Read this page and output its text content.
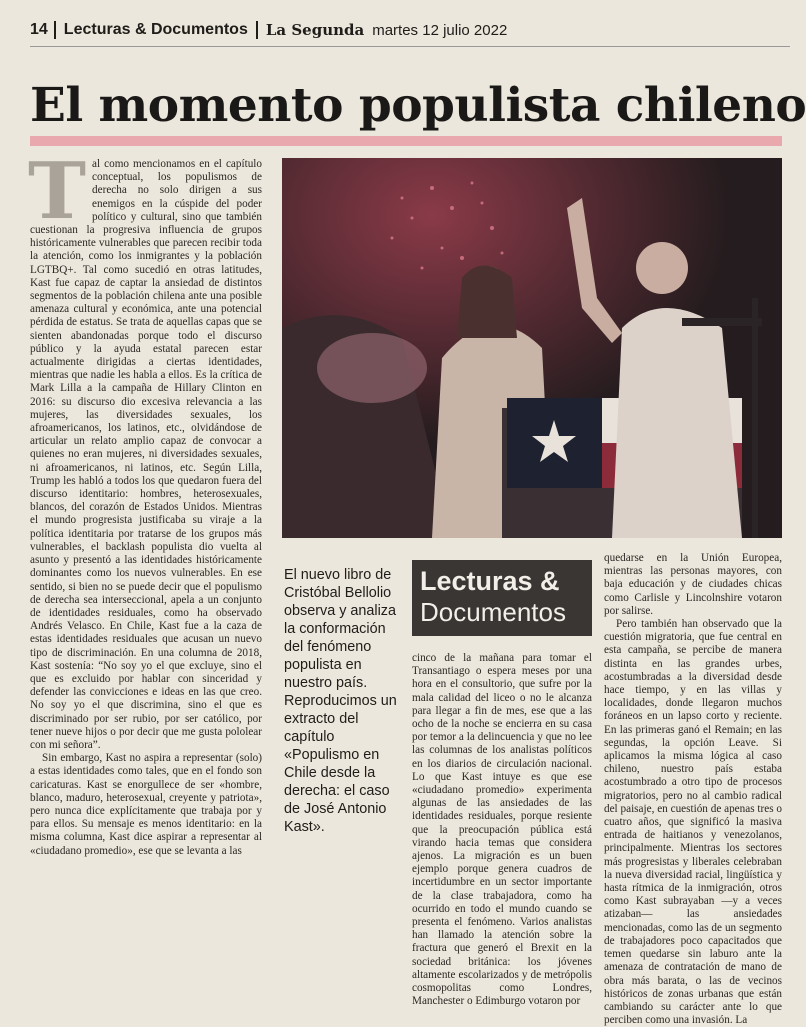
14	Lecturas & Documentos	La Segunda martes 12 julio 2022
El momento populista chileno
T al como mencionamos en el capítulo conceptual, los populismos de derecha no solo dirigen a sus enemigos en la cúspide del poder político y cultural, sino que también cuestionan la progresiva influencia de grupos históricamente vulnerables que parecen recibir toda la atención, como los inmigrantes y la población LGTBQ+. Tal como sucedió en otras latitudes, Kast fue capaz de captar la ansiedad de distintos segmentos de la población chilena ante una posible amenaza cultural y económica, ante una potencial pérdida de estatus. Se trata de aquellas capas que se sienten abandonadas porque todo el discurso público y la ayuda estatal parecen estar actualmente dirigidas a ciertas identidades, mientras que nadie les habla a ellos. Es la crítica de Mark Lilla a la campaña de Hillary Clinton en 2016: su discurso dio excesiva relevancia a las mujeres, las diversidades sexuales, los afroamericanos, los latinos, etc., olvidándose de articular un relato amplio capaz de convocar a quienes no eran mujeres, ni diversidades sexuales, ni afroamericanos, ni latinos, etc. Según Lilla, Trump les habló a todos los que quedaron fuera del discurso identitario: hombres, heterosexuales, blancos, del corazón de Estados Unidos. Mientras el mundo progresista justificaba su viraje a la política identitaria por tratarse de los grupos más vulnerables, el backlash populista dio vuelta al asunto y presentó a las identidades históricamente dominantes como los nuevos vulnerables. En ese sentido, si bien no se puede decir que el populismo de derecha sea interseccional, apela a un conjunto de identidades residuales, como ha observado Andrés Velasco. En Chile, Kast fue a la caza de estas identidades residuales que acusan un nuevo tipo de discriminación. En una columna de 2018, Kast sostenía: “No soy yo el que excluye, sino el que es excluido por hablar con sinceridad y defender las convicciones e ideas en las que creo. No soy yo el que discrimina, sino el que es discriminado por ser rubio, por ser católico, por tener nueve hijos o por decir que me gusta pololear con mi señora”.

Sin embargo, Kast no aspira a representar (solo) a estas identidades como tales, que en el fondo son caricaturas. Kast se enorgullece de ser «hombre, blanco, maduro, heterosexual, creyente y patriota», pero nunca dice explícitamente que trabaja por y para ellos. Su mensaje es menos identitario: en la misma columna, Kast dice aspirar a representar al «ciudadano promedio», ese que se levanta a las

El nuevo libro de Cristóbal Bellolio observa y analiza la conformación del fenómeno populista en nuestro país. Reproducimos un extracto del capítulo «Populismo en Chile desde la derecha: el caso de José Antonio Kast».
Lecturas &
Documentos

cinco de la mañana para tomar el Transantiago o espera meses por una hora en el consultorio, que sufre por la mala calidad del liceo o no le alcanza para llegar a fin de mes, ese que a las ocho de la noche se encierra en su casa por temor a la delincuencia y que no lee las columnas de los analistas políticos en los diarios de circulación nacional. Lo que Kast intuye es que ese «ciudadano promedio» experimenta algunas de las ansiedades de las identidades residuales, porque resiente que la preocupación pública está virando hacia temas que considera ajenos. La migración es un buen ejemplo porque genera cuadros de incertidumbre en un sector importante de la clase trabajadora, como ha ocurrido en todo el mundo cuando se presenta el fenómeno. Varios analistas han llamado la atención sobre la fractura que generó el Brexit en la sociedad británica: los jóvenes altamente escolarizados y de metrópolis cosmopolitas como Londres, Manchester o Edimburgo votaron por

quedarse en la Unión Europea, mientras las personas mayores, con baja educación y de ciudades chicas como Carlisle y Lincolnshire votaron por salirse.

Pero también han observado que la cuestión migratoria, que fue central en esta campaña, se percibe de manera distinta en las grandes urbes, acostumbradas a la diversidad desde hace tiempo, y en las villas y localidades, donde llegaron muchos foráneos en un lapso corto y reciente. En las primeras ganó el Remain; en las segundas, la opción Leave. Si aplicamos la misma lógica al caso chileno, nuestro país estaba acostumbrado a otro tipo de procesos migratorios, pero no al cambio radical del paisaje, en cuestión de apenas tres o cuatro años, que significó la masiva entrada de haitianos y venezolanos, principalmente. Mientras los sectores más progresistas y liberales celebraban la nueva diversidad racial, lingüística y hasta rítmica de la inmigración, otros como Kast subrayaban —y a veces atizaban— las ansiedades mencionadas, como las de un segmento de trabajadores poco capacitados que temen quedarse sin laburo ante la amenaza de contratación de mano de obra más barata, o las de vecinos históricos de zonas urbanas que están cambiando su carácter ante lo que perciben como una invasión. La
